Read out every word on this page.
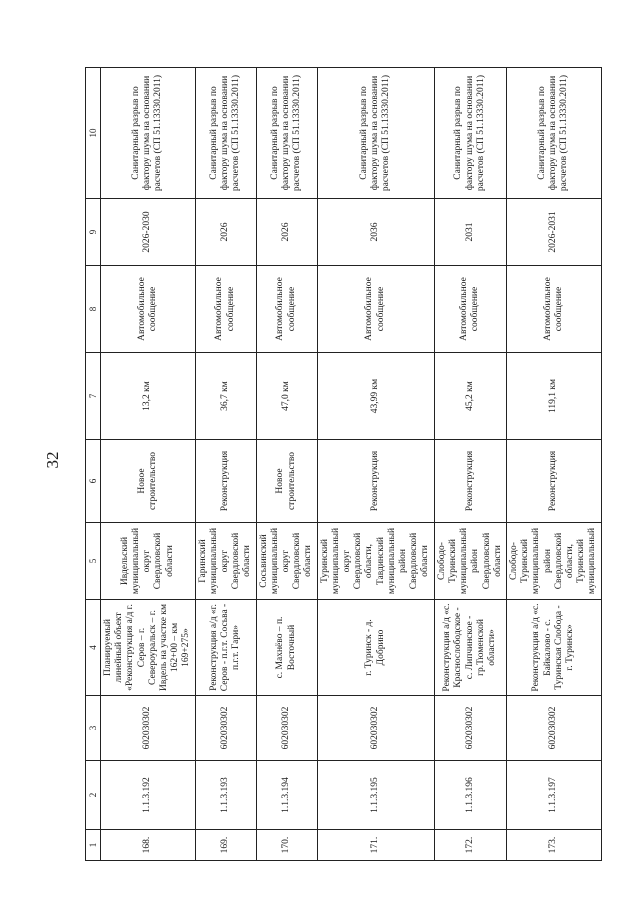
32
1	2	3	4	5	6	7	8	9	10
168.	1.1.3.192	602030302	Планируемый линейный объект «Реконструкция а/д г. Серов – г. Североуральск – г. Ивдель на участке км 162+00 – км 169+275»	Ивдельский муниципальный округ Свердловской области	Новое строительство	13,2 км	Автомобильное сообщение	2026-2030	Санитарный разрыв по фактору шума на основании расчетов (СП 51.13330.2011)
169.	1.1.3.193	602030302	Реконструкция а/д «г. Серов - п.г.т. Сосьва - п.г.т. Гари»	Гаринский муниципальный округ Свердловской области	Реконструкция	36,7 км	Автомобильное сообщение	2026	Санитарный разрыв по фактору шума на основании расчетов (СП 51.13330.2011)
170.	1.1.3.194	602030302	с. Махнёво – п. Восточный	Сосьвинский муниципальный округ Свердловской области	Новое строительство	47,0 км	Автомобильное сообщение	2026	Санитарный разрыв по фактору шума на основании расчетов (СП 51.13330.2011)
171.	1.1.3.195	602030302	г. Туринск - д. Добрино	Туринский муниципальный округ Свердловской области, Тавдинский муниципальный район Свердловской области	Реконструкция	43,99 км	Автомобильное сообщение	2036	Санитарный разрыв по фактору шума на основании расчетов (СП 51.13330.2011)
172.	1.1.3.196	602030302	Реконструкция а/д «с. Краснослободское - с. Липчинское - гр.Тюменской области»	Слободо-Туринский муниципальный район Свердловской области	Реконструкция	45,2 км	Автомобильное сообщение	2031	Санитарный разрыв по фактору шума на основании расчетов (СП 51.13330.2011)
173.	1.1.3.197	602030302	Реконструкция а/д «с. Байкалово - с. Туринская Слобода - г. Туринск»	Слободо-Туринский муниципальный район Свердловской области, Туринский муниципальный	Реконструкция	119,1 км	Автомобильное сообщение	2026-2031	Санитарный разрыв по фактору шума на основании расчетов (СП 51.13330.2011)
